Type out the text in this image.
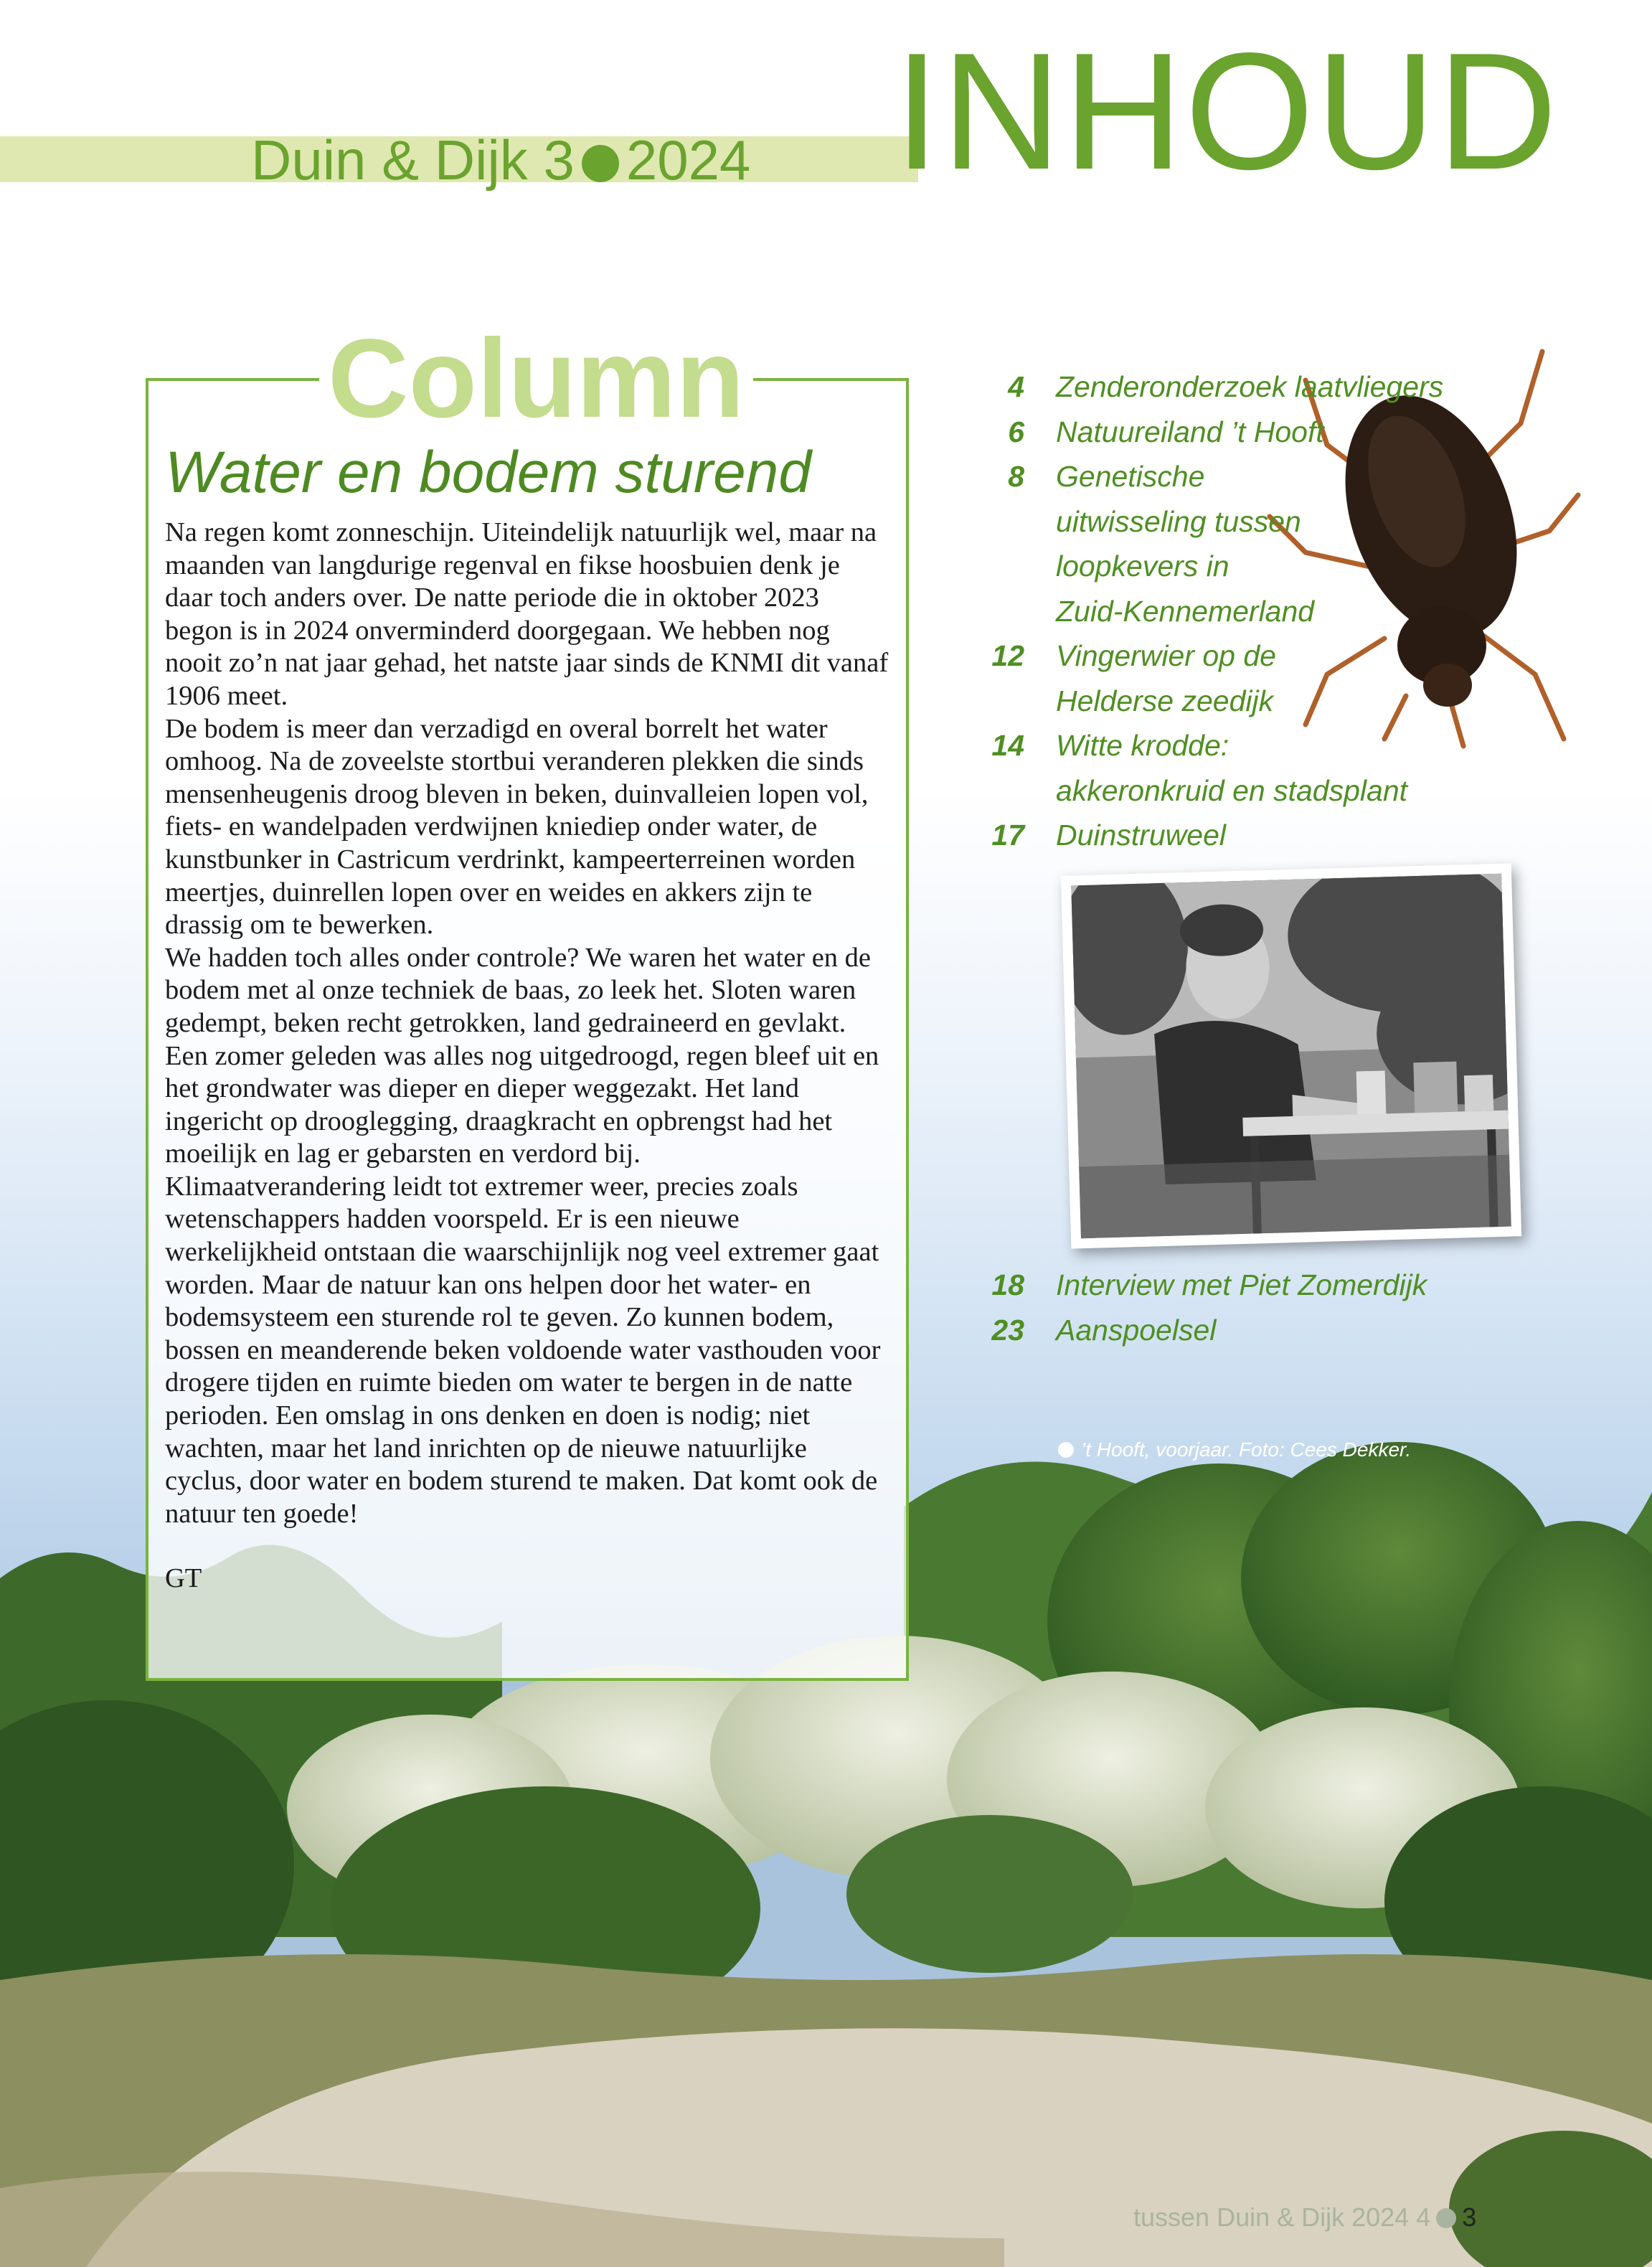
Duin & Dijk 3 2024 INHOUD
Column
Water en bodem sturend

Na regen komt zonneschijn. Uiteindelijk natuurlijk wel, maar na maanden van langdurige regenval en fikse hoosbuien denk je daar toch anders over. De natte periode die in oktober 2023 begon is in 2024 onverminderd doorgegaan. We hebben nog nooit zo’n nat jaar gehad, het natste jaar sinds de KNMI dit vanaf 1906 meet.

De bodem is meer dan verzadigd en overal borrelt het water omhoog. Na de zoveelste stortbui veranderen plekken die sinds mensenheugenis droog bleven in beken, duinvalleien lopen vol, fiets- en wandelpaden verdwijnen kniediep onder water, de kunstbunker in Castricum verdrinkt, kampeerterreinen worden meertjes, duinrellen lopen over en weides en akkers zijn te drassig om te bewerken.

We hadden toch alles onder controle? We waren het water en de bodem met al onze techniek de baas, zo leek het. Sloten waren gedempt, beken recht getrokken, land gedraineerd en gevlakt.

Een zomer geleden was alles nog uitgedroogd, regen bleef uit en het grondwater was dieper en dieper weggezakt. Het land ingericht op drooglegging, draagkracht en opbrengst had het moeilijk en lag er gebarsten en verdord bij.

Klimaatverandering leidt tot extremer weer, precies zoals wetenschappers hadden voorspeld. Er is een nieuwe werkelijkheid ontstaan die waarschijnlijk nog veel extremer gaat worden. Maar de natuur kan ons helpen door het water- en bodemsysteem een sturende rol te geven. Zo kunnen bodem, bossen en meanderende beken voldoende water vasthouden voor drogere tijden en ruimte bieden om water te bergen in de natte perioden. Een omslag in ons denken en doen is nodig; niet wachten, maar het land inrichten op de nieuwe natuurlijke cyclus, door water en bodem sturend te maken. Dat komt ook de natuur ten goede!

GT

4 Zenderonderzoek laatvliegers
6 Natuureiland ’t Hooft
8 Genetische
uitwisseling tussen
loopkevers in
Zuid-Kennemerland
12 Vingerwier op de
Helderse zeedijk
14 Witte krodde:
akkeronkruid en stadsplant
17 Duinstruweel
18 Interview met Piet Zomerdijk
23 Aanspoelsel
’t Hooft, voorjaar. Foto: Cees Dekker.
tussen Duin & Dijk 2024 4 3
